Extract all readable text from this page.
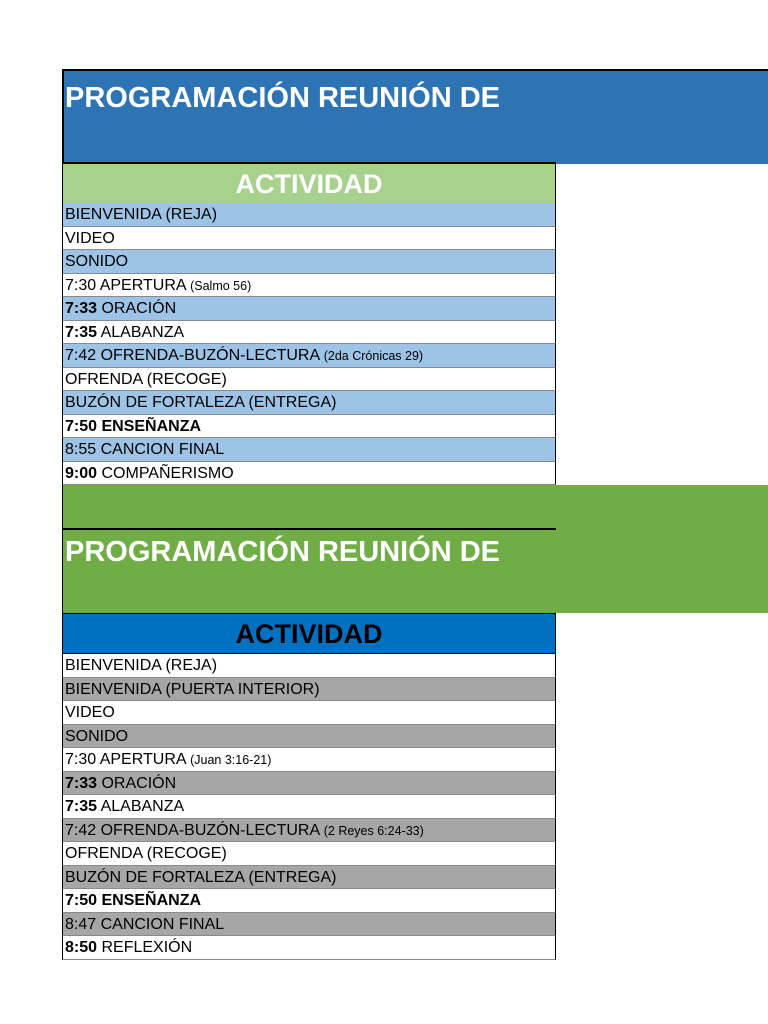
PROGRAMACIÓN REUNIÓN DE
ACTIVIDAD
BIENVENIDA (REJA)
VIDEO
SONIDO
7:30 APERTURA (Salmo 56)
7:33 ORACIÓN
7:35 ALABANZA
7:42 OFRENDA-BUZÓN-LECTURA (2da Crónicas 29)
OFRENDA (RECOGE)
BUZÓN DE FORTALEZA (ENTREGA)
7:50 ENSEÑANZA
8:55 CANCION FINAL
9:00 COMPAÑERISMO
PROGRAMACIÓN REUNIÓN DE
ACTIVIDAD
BIENVENIDA (REJA)
BIENVENIDA (PUERTA INTERIOR)
VIDEO
SONIDO
7:30 APERTURA (Juan 3:16-21)
7:33 ORACIÓN
7:35 ALABANZA
7:42 OFRENDA-BUZÓN-LECTURA (2 Reyes 6:24-33)
OFRENDA (RECOGE)
BUZÓN DE FORTALEZA (ENTREGA)
7:50 ENSEÑANZA
8:47 CANCION FINAL
8:50 REFLEXIÓN
